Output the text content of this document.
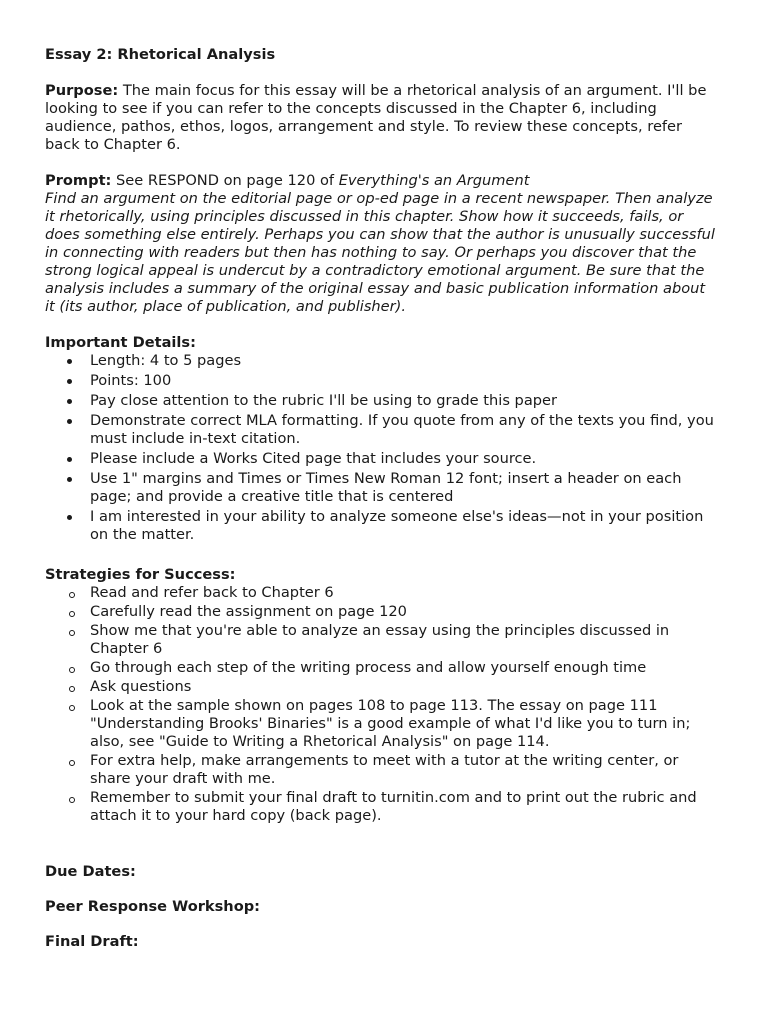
Essay 2: Rhetorical Analysis

Purpose: The main focus for this essay will be a rhetorical analysis of an argument. I'll be looking to see if you can refer to the concepts discussed in the Chapter 6, including audience, pathos, ethos, logos, arrangement and style. To review these concepts, refer back to Chapter 6.

Prompt: See RESPOND on page 120 of Everything's an Argument

Find an argument on the editorial page or op-ed page in a recent newspaper. Then analyze it rhetorically, using principles discussed in this chapter. Show how it succeeds, fails, or does something else entirely. Perhaps you can show that the author is unusually successful in connecting with readers but then has nothing to say. Or perhaps you discover that the strong logical appeal is undercut by a contradictory emotional argument. Be sure that the analysis includes a summary of the original essay and basic publication information about it (its author, place of publication, and publisher).

Important Details:

Length: 4 to 5 pages
Points: 100
Pay close attention to the rubric I'll be using to grade this paper
Demonstrate correct MLA formatting. If you quote from any of the texts you find, you must include in-text citation.
Please include a Works Cited page that includes your source.
Use 1" margins and Times or Times New Roman 12 font; insert a header on each page; and provide a creative title that is centered
I am interested in your ability to analyze someone else's ideas—not in your position on the matter.

Strategies for Success:

Read and refer back to Chapter 6
Carefully read the assignment on page 120
Show me that you're able to analyze an essay using the principles discussed in Chapter 6
Go through each step of the writing process and allow yourself enough time
Ask questions
Look at the sample shown on pages 108 to page 113. The essay on page 111 "Understanding Brooks' Binaries" is a good example of what I'd like you to turn in; also, see "Guide to Writing a Rhetorical Analysis" on page 114.
For extra help, make arrangements to meet with a tutor at the writing center, or share your draft with me.
Remember to submit your final draft to turnitin.com and to print out the rubric and attach it to your hard copy (back page).

Due Dates:

Peer Response Workshop:

Final Draft:
